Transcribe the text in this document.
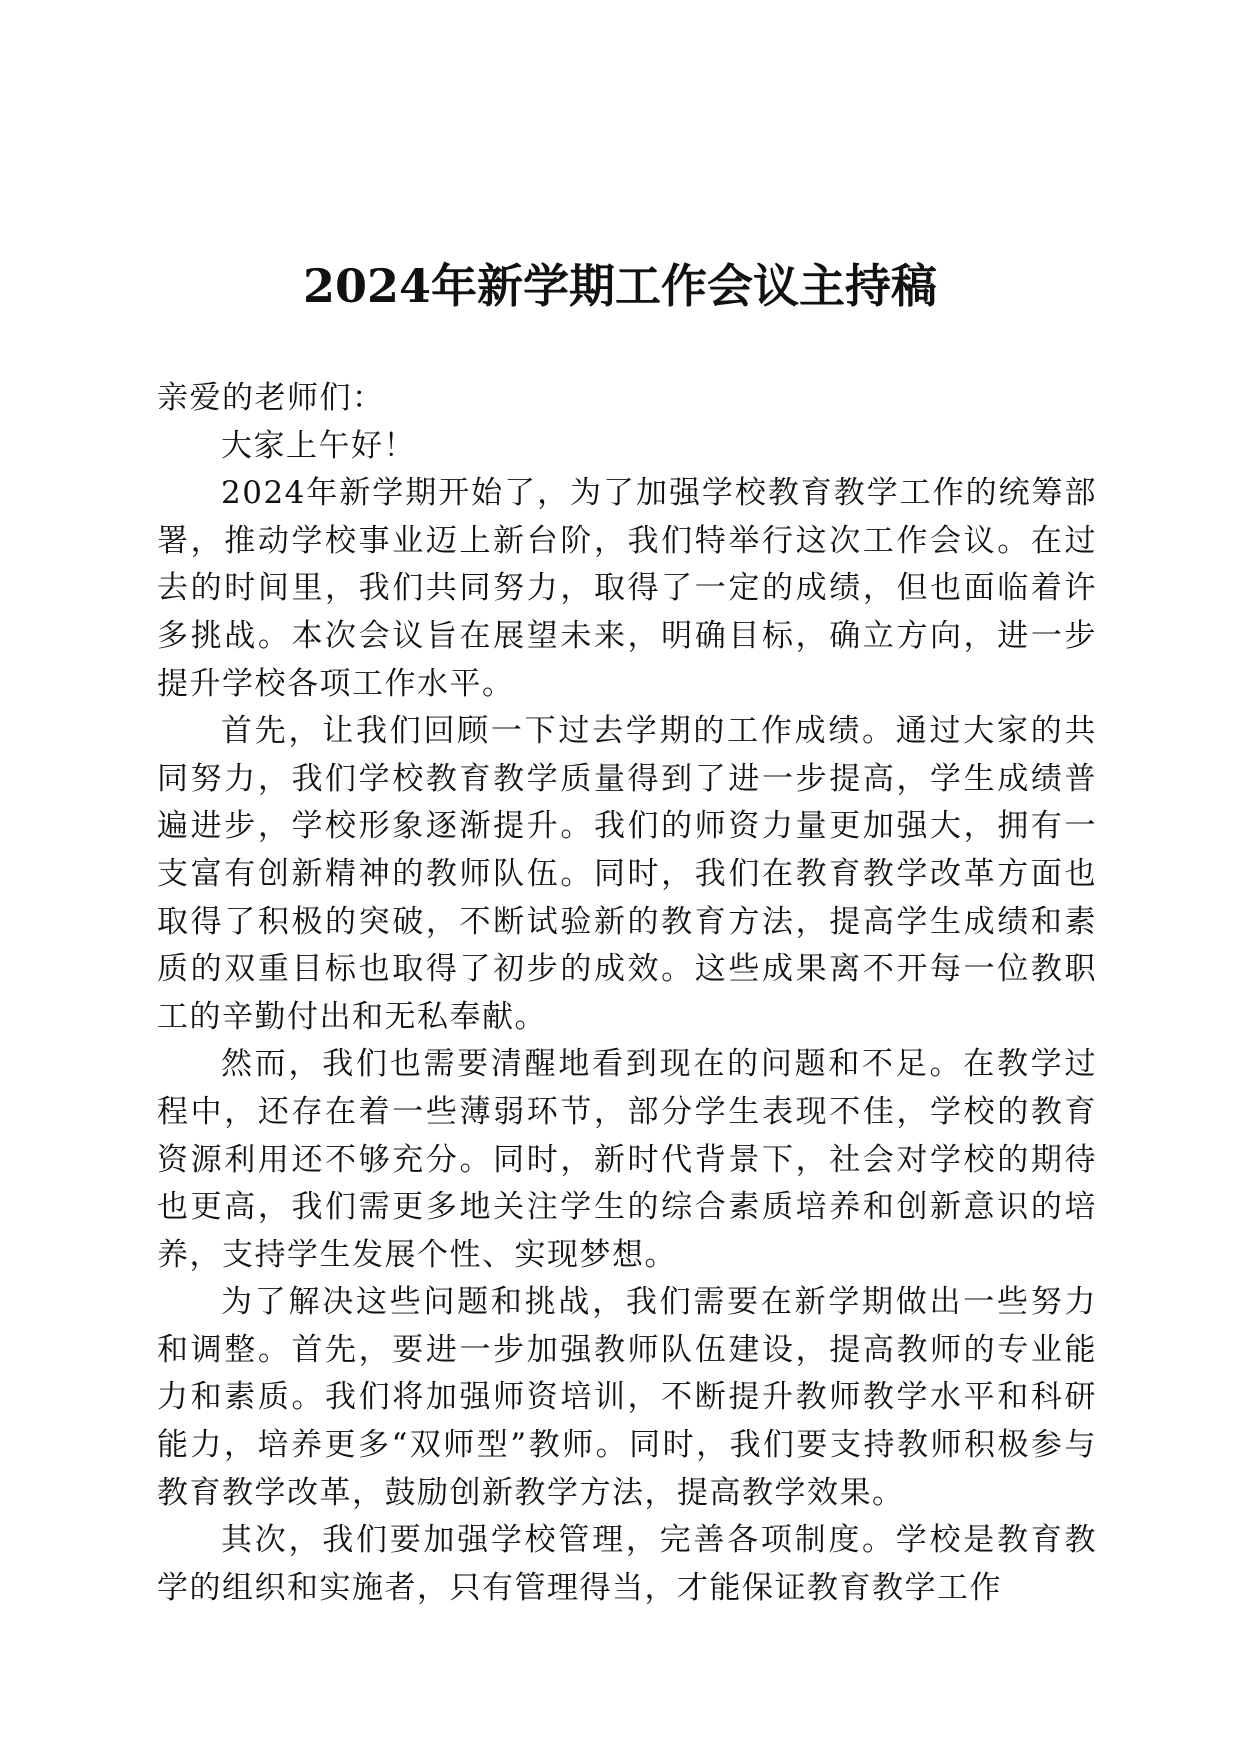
2024年新学期工作会议主持稿

亲爱的老师们：

大家上午好！

2024年新学期开始了，为了加强学校教育教学工作的统筹部署，推动学校事业迈上新台阶，我们特举行这次工作会议。在过去的时间里，我们共同努力，取得了一定的成绩，但也面临着许多挑战。本次会议旨在展望未来，明确目标，确立方向，进一步提升学校各项工作水平。

首先，让我们回顾一下过去学期的工作成绩。通过大家的共同努力，我们学校教育教学质量得到了进一步提高，学生成绩普遍进步，学校形象逐渐提升。我们的师资力量更加强大，拥有一支富有创新精神的教师队伍。同时，我们在教育教学改革方面也取得了积极的突破，不断试验新的教育方法，提高学生成绩和素质的双重目标也取得了初步的成效。这些成果离不开每一位教职工的辛勤付出和无私奉献。

然而，我们也需要清醒地看到现在的问题和不足。在教学过程中，还存在着一些薄弱环节，部分学生表现不佳，学校的教育资源利用还不够充分。同时，新时代背景下，社会对学校的期待也更高，我们需更多地关注学生的综合素质培养和创新意识的培养，支持学生发展个性、实现梦想。

为了解决这些问题和挑战，我们需要在新学期做出一些努力和调整。首先，要进一步加强教师队伍建设，提高教师的专业能力和素质。我们将加强师资培训，不断提升教师教学水平和科研能力，培养更多“双师型”教师。同时，我们要支持教师积极参与教育教学改革，鼓励创新教学方法，提高教学效果。

其次，我们要加强学校管理，完善各项制度。学校是教育教学的组织和实施者，只有管理得当，才能保证教育教学工作
